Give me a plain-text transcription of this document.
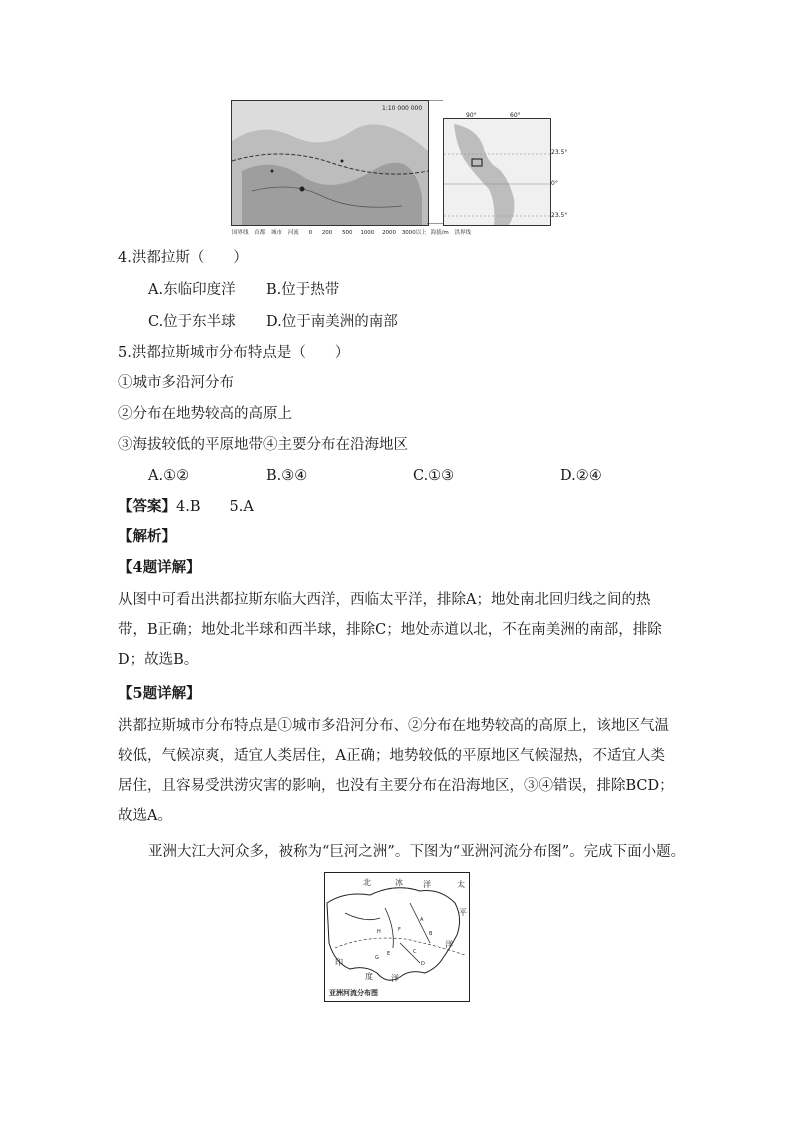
1:10 000 000
90°	60°
23.5°
0°
23.5°
国界线 首都 城市 河流 0 200 500 1000 2000 3000以上 海拔/m 洪界线
4.洪都拉斯（　　）
A.东临印度洋 B.位于热带
C.位于东半球 D.位于南美洲的南部
5.洪都拉斯城市分布特点是（　　）
①城市多沿河分布
②分布在地势较高的高原上
③海拔较低的平原地带④主要分布在沿海地区
A.①②	B.③④	C.①③	D.②④
【答案】4.B　　5.A
【解析】
【4题详解】
从图中可看出洪都拉斯东临大西洋，西临太平洋，排除A；地处南北回归线之间的热带，B正确；地处北半球和西半球，排除C；地处赤道以北，不在南美洲的南部，排除D；故选B。
【5题详解】
洪都拉斯城市分布特点是①城市多沿河分布、②分布在地势较高的高原上，该地区气温较低，气候凉爽，适宜人类居住，A正确；地势较低的平原地区气候湿热，不适宜人类居住，且容易受洪涝灾害的影响，也没有主要分布在沿海地区，③④错误，排除BCD；故选A。
亚洲大江大河众多，被称为“巨河之洲”。下图为“亚洲河流分布图”。完成下面小题。
北	冰	洋	太
平
洋
印
度 洋
H	F
A
B
C
D
E
G
亚洲河流分布图
